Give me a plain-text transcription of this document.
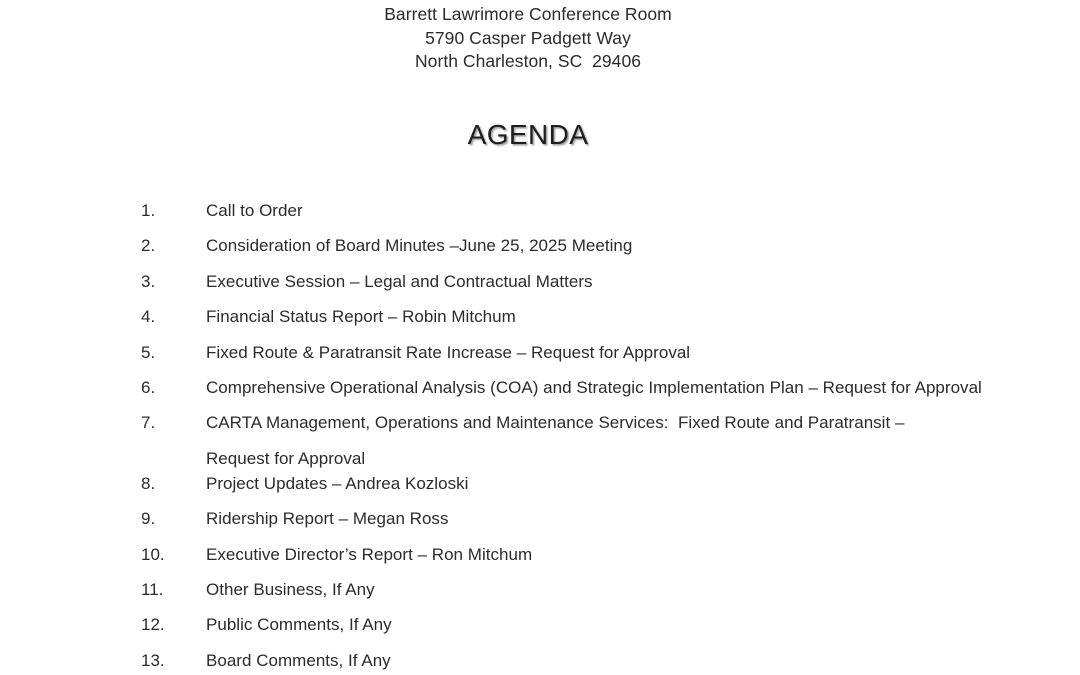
Barrett Lawrimore Conference Room
5790 Casper Padgett Way
North Charleston, SC  29406
AGENDA
1.	Call to Order
2.	Consideration of Board Minutes –June 25, 2025 Meeting
3.	Executive Session – Legal and Contractual Matters
4.	Financial Status Report – Robin Mitchum
5.	Fixed Route & Paratransit Rate Increase – Request for Approval
6.	Comprehensive Operational Analysis (COA) and Strategic Implementation Plan – Request for Approval
7.	CARTA Management, Operations and Maintenance Services:  Fixed Route and Paratransit –
Request for Approval
8.	Project Updates – Andrea Kozloski
9.	Ridership Report – Megan Ross
10. Executive Director’s Report – Ron Mitchum
11.	Other Business, If Any
12. Public Comments, If Any
13. Board Comments, If Any
